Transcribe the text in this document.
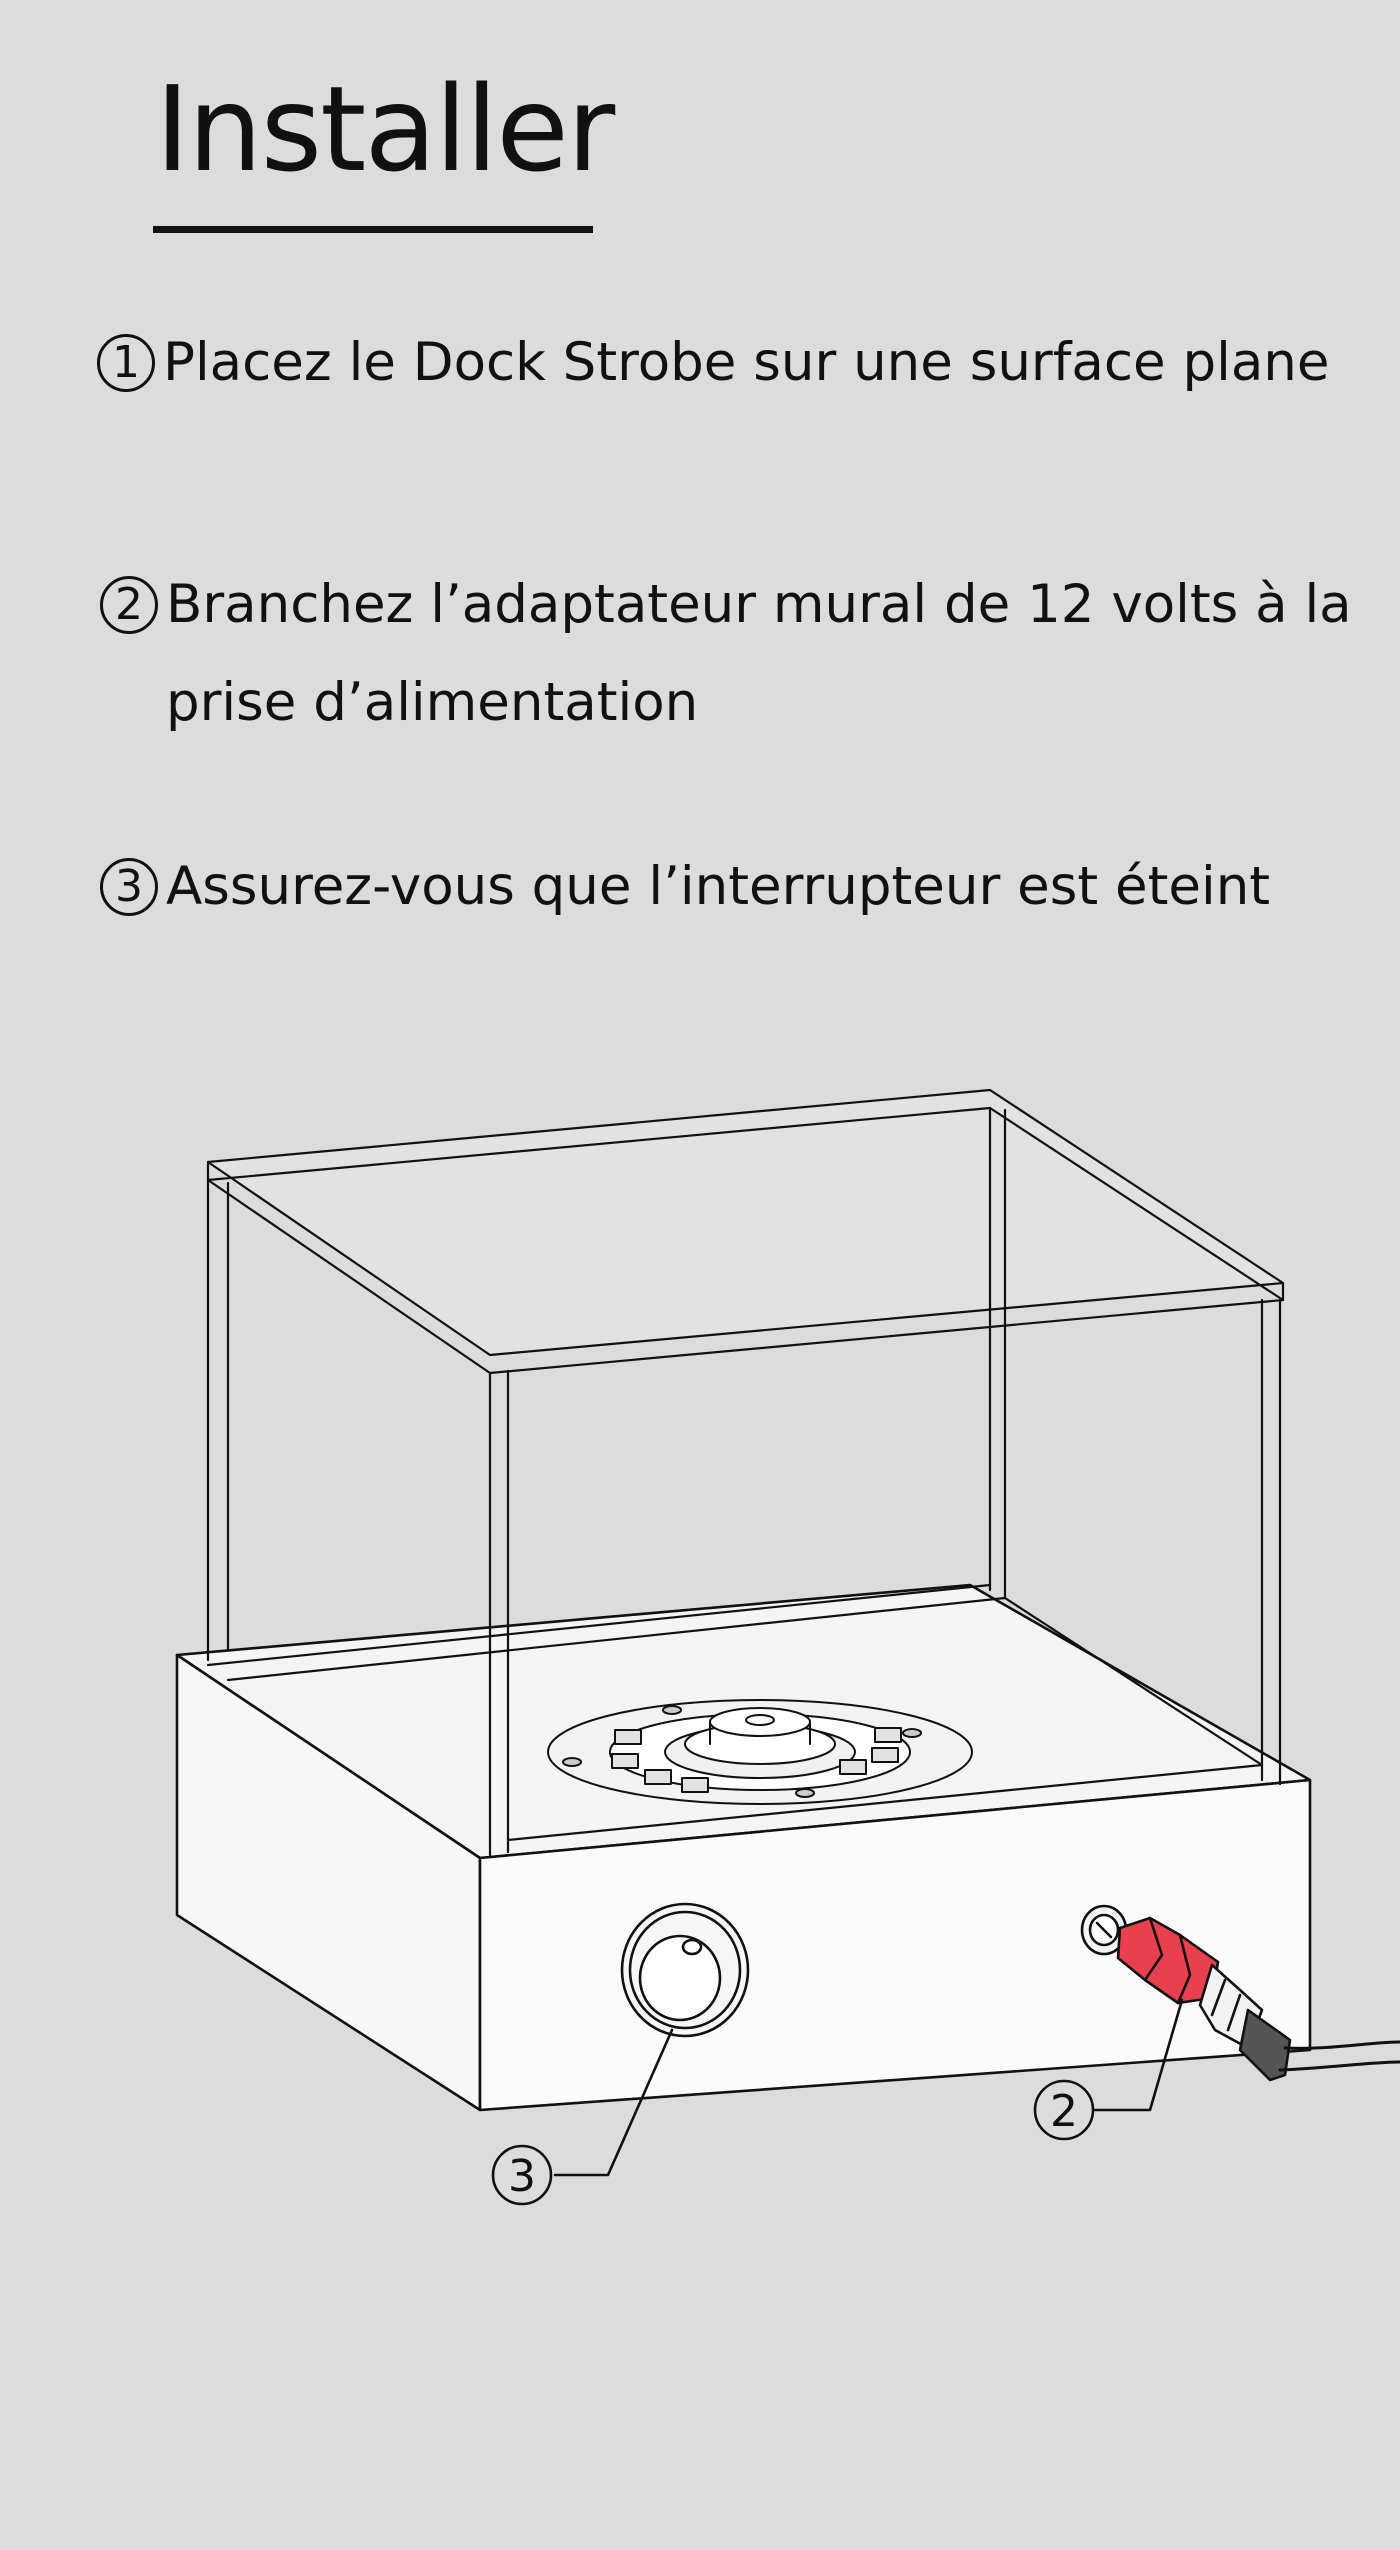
Installer
1 Placez le Dock Strobe sur une surface plane
2 Branchez l’adaptateur mural de 12 volts à la prise d’alimentation
3 Assurez-vous que l’interrupteur est éteint
2
3
